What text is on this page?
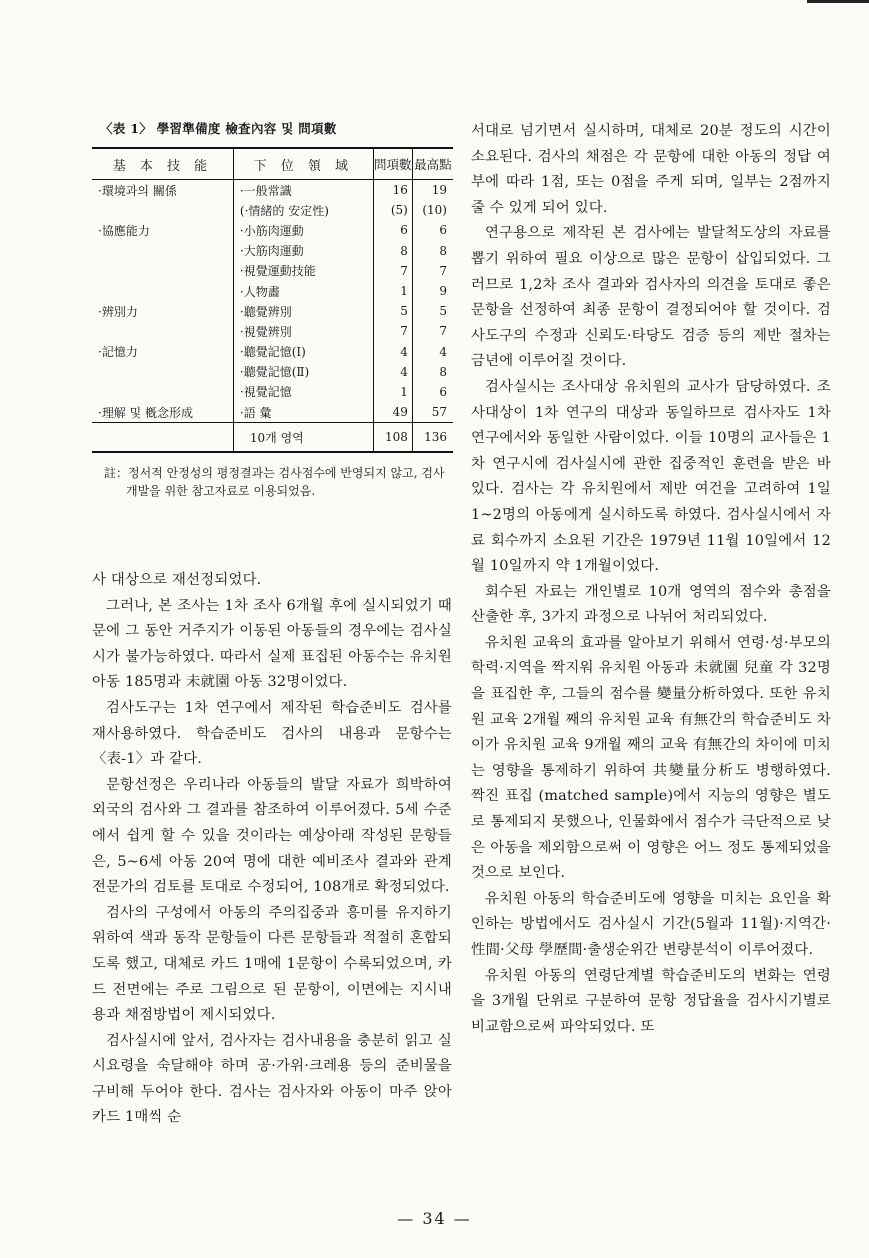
〈表 1〉 學習準備度 檢査內容 및 問項數
基 本 技 能	下 位 領 域	問項數	最高點
·環境과의 關係	·一般常識	16	19
	(·情緒的 安定性)	(5)	(10)
·協應能力	·小筋肉運動	6	6
	·大筋肉運動	8	8
	·視覺運動技能	7	7
	·人物畵	1	9
·辨別力	·聽覺辨別	5	5
	·視覺辨別	7	7
·記憶力	·聽覺記憶(Ⅰ)	4	4
	·聽覺記憶(Ⅱ)	4	8
	·視覺記憶	1	6
·理解 및 槪念形成	·語 彙	49	57
	10개 영역	108	136
註：정서적 안정성의 평정결과는 검사점수에 반영되지 않고, 검사개발을 위한 참고자료로 이용되었음.

사 대상으로 재선정되었다.

그러나, 본 조사는 1차 조사 6개월 후에 실시되었기 때문에 그 동안 거주지가 이동된 아동들의 경우에는 검사실시가 불가능하였다. 따라서 실제 표집된 아동수는 유치원 아동 185명과 未就園 아동 32명이었다.

검사도구는 1차 연구에서 제작된 학습준비도 검사를 재사용하였다. 학습준비도 검사의 내용과 문항수는 〈表-1〉과 같다.

문항선정은 우리나라 아동들의 발달 자료가 희박하여 외국의 검사와 그 결과를 참조하여 이루어졌다. 5세 수준에서 쉽게 할 수 있을 것이라는 예상아래 작성된 문항들은, 5~6세 아동 20여 명에 대한 예비조사 결과와 관계 전문가의 검토를 토대로 수정되어, 108개로 확정되었다.

검사의 구성에서 아동의 주의집중과 흥미를 유지하기 위하여 색과 동작 문항들이 다른 문항들과 적절히 혼합되도록 했고, 대체로 카드 1매에 1문항이 수록되었으며, 카드 전면에는 주로 그림으로 된 문항이, 이면에는 지시내용과 채점방법이 제시되었다.

검사실시에 앞서, 검사자는 검사내용을 충분히 읽고 실시요령을 숙달해야 하며 공·가위·크레용 등의 준비물을 구비해 두어야 한다. 검사는 검사자와 아동이 마주 앉아 카드 1매씩 순

서대로 넘기면서 실시하며, 대체로 20분 정도의 시간이 소요된다. 검사의 채점은 각 문항에 대한 아동의 정답 여부에 따라 1점, 또는 0점을 주게 되며, 일부는 2점까지 줄 수 있게 되어 있다.

연구용으로 제작된 본 검사에는 발달척도상의 자료를 뽑기 위하여 필요 이상으로 많은 문항이 삽입되었다. 그러므로 1,2차 조사 결과와 검사자의 의견을 토대로 좋은 문항을 선정하여 최종 문항이 결정되어야 할 것이다. 검사도구의 수정과 신뢰도·타당도 검증 등의 제반 절차는 금년에 이루어질 것이다.

검사실시는 조사대상 유치원의 교사가 담당하였다. 조사대상이 1차 연구의 대상과 동일하므로 검사자도 1차 연구에서와 동일한 사람이었다. 이들 10명의 교사들은 1차 연구시에 검사실시에 관한 집중적인 훈련을 받은 바 있다. 검사는 각 유치원에서 제반 여건을 고려하여 1일 1~2명의 아동에게 실시하도록 하였다. 검사실시에서 자료 회수까지 소요된 기간은 1979년 11월 10일에서 12월 10일까지 약 1개월이었다.

회수된 자료는 개인별로 10개 영역의 점수와 총점을 산출한 후, 3가지 과정으로 나뉘어 처리되었다.

유치원 교육의 효과를 알아보기 위해서 연령·성·부모의 학력·지역을 짝지워 유치원 아동과 未就園 兒童 각 32명을 표집한 후, 그들의 점수를 變量分析하였다. 또한 유치원 교육 2개월 째의 유치원 교육 有無간의 학습준비도 차이가 유치원 교육 9개월 째의 교육 有無간의 차이에 미치는 영향을 통제하기 위하여 共變量分析도 병행하였다. 짝진 표집 (matched sample)에서 지능의 영향은 별도로 통제되지 못했으나, 인물화에서 점수가 극단적으로 낮은 아동을 제외함으로써 이 영향은 어느 정도 통제되었을 것으로 보인다.

유치원 아동의 학습준비도에 영향을 미치는 요인을 확인하는 방법에서도 검사실시 기간(5월과 11월)·지역간·性間·父母 學歷間·출생순위간 변량분석이 이루어졌다.

유치원 아동의 연령단계별 학습준비도의 변화는 연령을 3개월 단위로 구분하여 문항 정답율을 검사시기별로 비교함으로써 파악되었다. 또

— 34 —
